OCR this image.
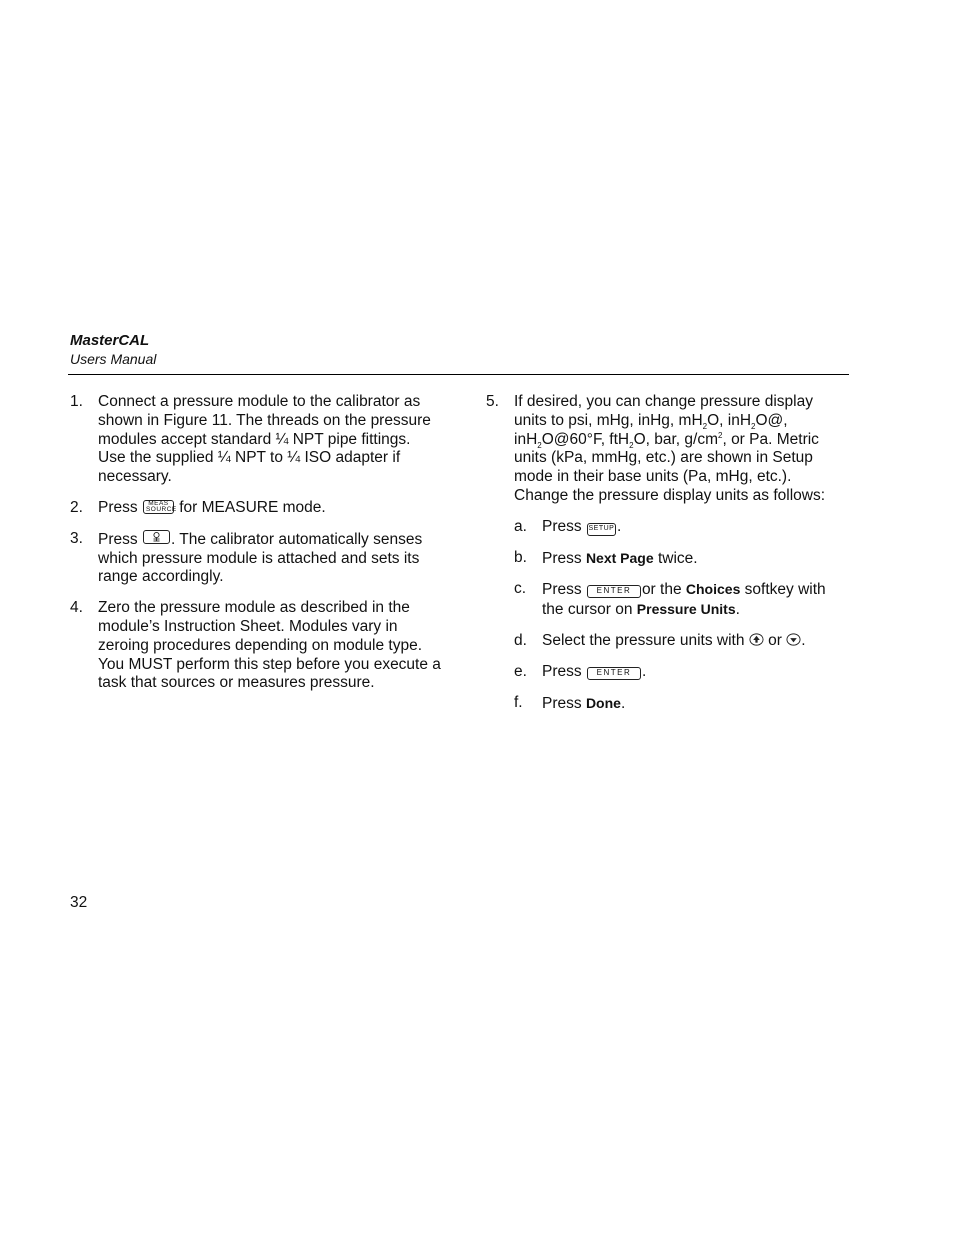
MasterCAL
Users Manual
1. Connect a pressure module to the calibrator as shown in Figure 11. The threads on the pressure modules accept standard ¼ NPT pipe fittings. Use the supplied ¼ NPT to ¼ ISO adapter if necessary.
2. Press	MEAS
SOURCE for MEASURE mode.
3. Press . The calibrator automatically senses which pressure module is attached and sets its range accordingly.
4. Zero the pressure module as described in the module’s Instruction Sheet. Modules vary in zeroing procedures depending on module type. You MUST perform this step before you execute a task that sources or measures pressure.
5. If desired, you can change pressure display units to psi, mHg, inHg, $mH_2O$, inH$_2$O@, inH$_2$O@60°F, ftH$_2$O, bar, $g/cm^2$, or Pa. Metric units (kPa, mmHg, etc.) are shown in Setup mode in their base units (Pa, mHg, etc.). Change the pressure display units as follows:
a. Press SETUP .
b. Press Next Page twice.
c. Press ENTER or the Choices softkey with the cursor on Pressure Units.
d. Select the pressure units with or .
e. Press ENTER .
f. Press Done.
32
